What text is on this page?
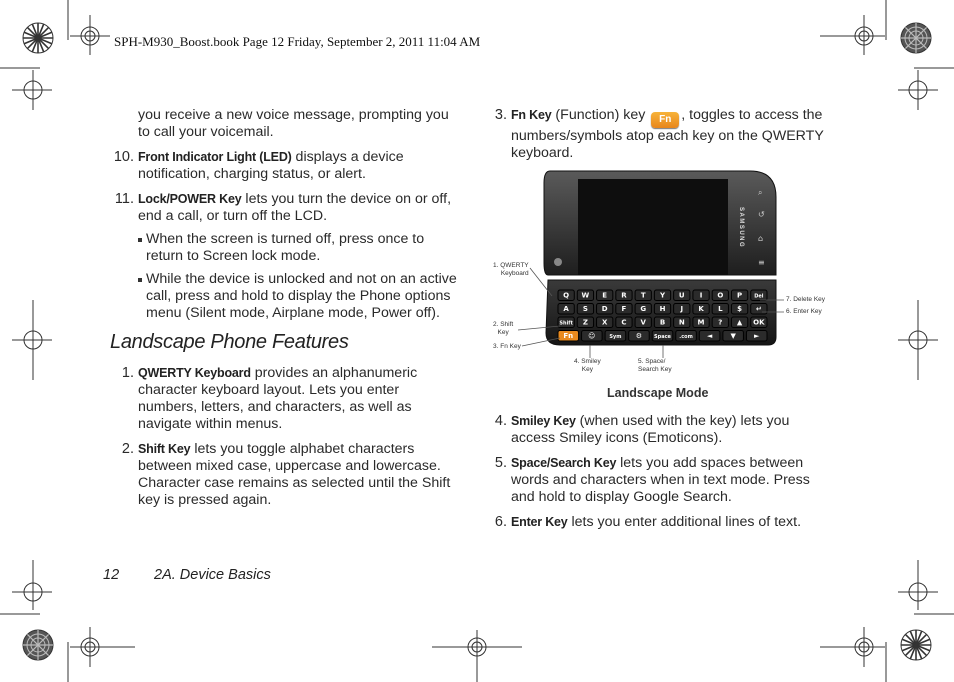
SPH-M930_Boost.book Page 12 Friday, September 2, 2011 11:04 AM

you receive a new voice message, prompting you to call your voicemail.

10. Front Indicator Light (LED) displays a device notification, charging status, or alert.
11. Lock/POWER Key lets you turn the device on or off, end a call, or turn off the LCD.
When the screen is turned off, press once to return to Screen lock mode.
While the device is unlocked and not on an active call, press and hold to display the Phone options menu (Silent mode, Airplane mode, Power off).
Landscape Phone Features
1. QWERTY Keyboard provides an alphanumeric character keyboard layout. Lets you enter numbers, letters, and characters, as well as navigate within menus.
2. Shift Key lets you toggle alphabet characters between mixed case, uppercase and lowercase. Character case remains as selected until the Shift key is pressed again.
3. Fn Key (Function) key Fn , toggles to access the numbers/symbols atop each key on the QWERTY keyboard.
SAMSUNG
⌕
↺
⌂
≡
Q W E R T Y U I O P Del
A S D F G H J K L $ ↵
Shift Z X C V B N M ? ▲ OK
Fn ☺	Sym ⚙ Space .com ◄	▼	►
1. QWERTY
Keyboard
2. Shift
Key
3. Fn Key
4. Smiley
Key
5. Space/
Search Key
7. Delete Key
6. Enter Key
Landscape Mode
4. Smiley Key (when used with the key) lets you access Smiley icons (Emoticons).
5. Space/Search Key lets you add spaces between words and characters when in text mode. Press and hold to display Google Search.
6. Enter Key lets you enter additional lines of text.
12 2A. Device Basics
